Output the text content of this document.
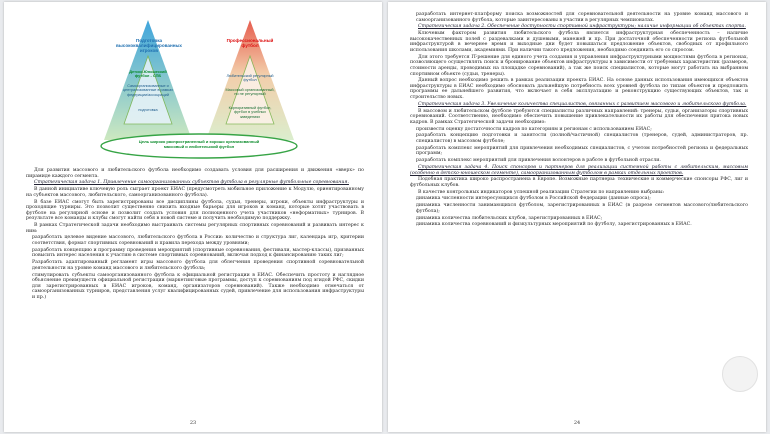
Подготовка высококвалифицированных игроков
Детско-Юношеский футбол - СПБ
Самоорганизованные и централизованные в рамках федерации/ассоциаций
подготовка
Профессиональный футбол
Любительский регулярный футбол
Массовый организованный, но не регулярный
Корпоративный футбол, футбол в учебных заведениях
Цель широко распространенный и хорошо организованный массовый и любительский футбол

Для развития массового и любительского футбола необходимо создавать условия для расширения и движения «вверх» по пирамиде каждого сегмента.

Стратегическая задача 1. Привлечение самоорганизованных субъектов футбола в регулярные футбольные соревнования.

В данной инициативе ключевую роль сыграет проект ЕИАС (предусмотреть мобильное приложение к Модулю, ориентированному на субъектов массового, любительского, самоорганизованного футбола).

В базе ЕИАС смогут быть зарегистрированы все дисциплины футбола, судьи, тренеры, игроки, объекты инфраструктуры и проходящие турниры. Это позволит существенно снизить входные барьеры для игроков и команд, которые хотят участвовать в футболе на регулярной основе и позволит создать условия для полноценного учета участников «неформатных» турниров. В результате все команды и клубы смогут найти себя в новой системе и получить необходимую поддержку.

В рамках Стратегической задачи необходимо выстраивать системы регулярных спортивных соревнований и развивать интерес к ним:

разработать целевое видение массового, любительского футбола в России: количество и структура лиг, календарь игр, критерии соответствия, формат спортивных соревнований и правила перехода между уровнями;

разработать концепцию и программу проведения мероприятий (спортивные соревнования, фестивали, мастер-классы), призванных повысить интерес населения к участию в системе спортивных соревнований, включая подход к финансированию таких лиг;

Разработать адаптированный регламент игры массового футбола для облегчения проведения спортивной соревновательной деятельности на уровне команд массового и любительского футбола;

стимулировать субъекты самоорганизованного футбола к официальной регистрации в ЕИАС. Обеспечить простоту и наглядное объяснение преимуществ официальной регистрации (маркетинговые программы, доступ к соревнованиям под эгидой РФС, скидки для зарегистрированных в ЕИАС игроков, команд, организаторов соревнований). Также необходимо отмечаться от самоорганизованных турниров, представления услуг квалифицированных судей, привлечение для использования инфраструктуры и пр.)

23

разработать интернет-платформу поиска возможностей для соревновательной деятельности на уровне команд массового и самоорганизованного футбола, которые заинтересованы в участии в регулярных чемпионатах.

Стратегическая задача 2. Обеспечение доступности спортивной инфраструктуры; наличие информации об объектах спорта.

Ключевым фактором развития любительского футбола является инфраструктурная обеспеченность – наличие высококачественных полей с раздевалками и душевыми, манежей и пр. При достаточной обеспеченности региона футбольной инфраструктурой в вечернее время и выходные дни будет повышаться предложение объектов, свободных от профильного использования школами, академиями. При наличии такого предложения, необходимо соединить его со спросом.

Для этого требуется IT-решение для единого учета создания и управления инфраструктурными мощностями футбола в регионах, позволяющего осуществлять поиск и бронирование объектов инфраструктуры в зависимости от требуемых характеристик (размеров, стоимости аренды, проводимых на площадке соревнований), а так же поиск специалистов, которые могут работать на выбранном спортивном объекте (судьи, тренеры).

Данный вопрос необходимо решить в рамках реализации проекта ЕИАС. На основе данных использования имеющихся объектов инфраструктуры в ЕИАС необходимо обосновать дальнейшую потребность всех уровней футбола по типам объектов и предложить программы ее дальнейшего развития, что включает в себя эксплуатацию и реконструкцию существующих объектов, так и строительство новых.

Стратегическая задача 3. Увеличение количества специалистов, связанных с развитием массового и любительского футбола.

В массовом и любительском футболе требуются специалисты различных направлений: тренеры, судьи, организаторы спортивных соревнований. Соответственно, необходимо обеспечить повышение привлекательности их работы для обеспечения притока новых кадров. В рамках Стратегической задачи необходимо:

произвести оценку достаточности кадров по категориям и регионам с использованием ЕИАС;

разработать концепцию подготовки и занятости (полной/частичной) специалистов (тренеров, судей, администраторов, пр. специалистов) в массовом футболе;

разработать комплекс мероприятий для привлечения необходимых специалистов, с учетом потребностей региона и федеральных программ;

разработать комплекс мероприятий для привлечения волонтеров в работе в футбольной отрасли.

Стратегическая задача 4. Поиск спонсоров и партнеров для реализации системной работы с любительским, массовым (особенно в детско-юношеском сегменте), самоорганизованным футболом в рамках отдельных проектов.

Подобная практика широко распространена в Европе. Возможные партнеры: технические и коммерческие спонсоры РФС, лиг и футбольных клубов.

В качестве контрольных индикаторов успешной реализации Стратегии по направлению выбраны:

динамика численности интересующихся футболом в Российской Федерации (данные опроса);

динамика численности занимающихся футболом, зарегистрированных в ЕИАС (в разрезе сегментов массового/любительского футбола);

динамика количества любительских клубов, зарегистрированных в ЕИАС;

динамика количества соревнований и физкультурных мероприятий по футболу, зарегистрированных в ЕИАС.

24
